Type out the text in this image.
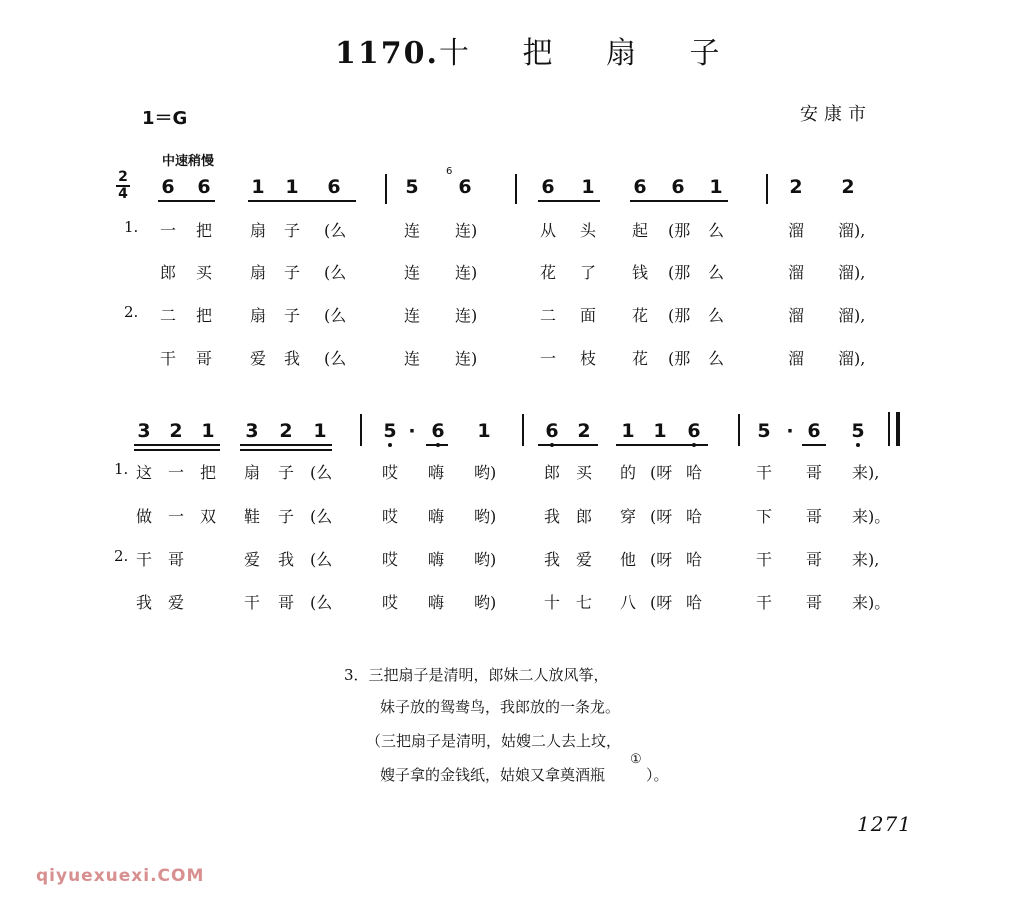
1170.十 把 扇 子
1＝G	安康市
中速稍慢
2
4 6 6 1 1 6	5 6	6 1 6 6 1	2 2
6
一 把 扇 子 (么	连 连)	从 头 起 (那 么	溜 溜),
1.
郎 买 扇 子 (么	连 连)	花 了 钱 (那 么	溜 溜),
二 把 扇 子 (么	连 连)	二 面 花 (那 么	溜 溜),
2.
干 哥 爱 我 (么	连 连)	一 枝 花 (那 么	溜 溜),
3 2 1 3 2 1	5 · 6 1	6 2 1 1 6	5 · 6 5
这 一 把 扇 子 (么	哎 嗨 哟)	郎 买 的 (呀 哈	干 哥 来),
1.
做 一 双 鞋 子 (么	哎 嗨 哟)	我 郎 穿 (呀 哈	下 哥 来)。
干 哥	爱 我 (么	哎 嗨 哟)	我 爱 他 (呀 哈	干 哥 来),
2.
我 爱	干 哥 (么	哎 嗨 哟)	十 七 八 (呀 哈	干 哥 来)。
3．三把扇子是清明，郎妹二人放风筝，
妹子放的鸳鸯鸟，我郎放的一条龙。
（三把扇子是清明，姑嫂二人去上坟，
嫂子拿的金钱纸，姑娘又拿奠酒瓶
①
）。
1271
qiyuexuexi.COM
